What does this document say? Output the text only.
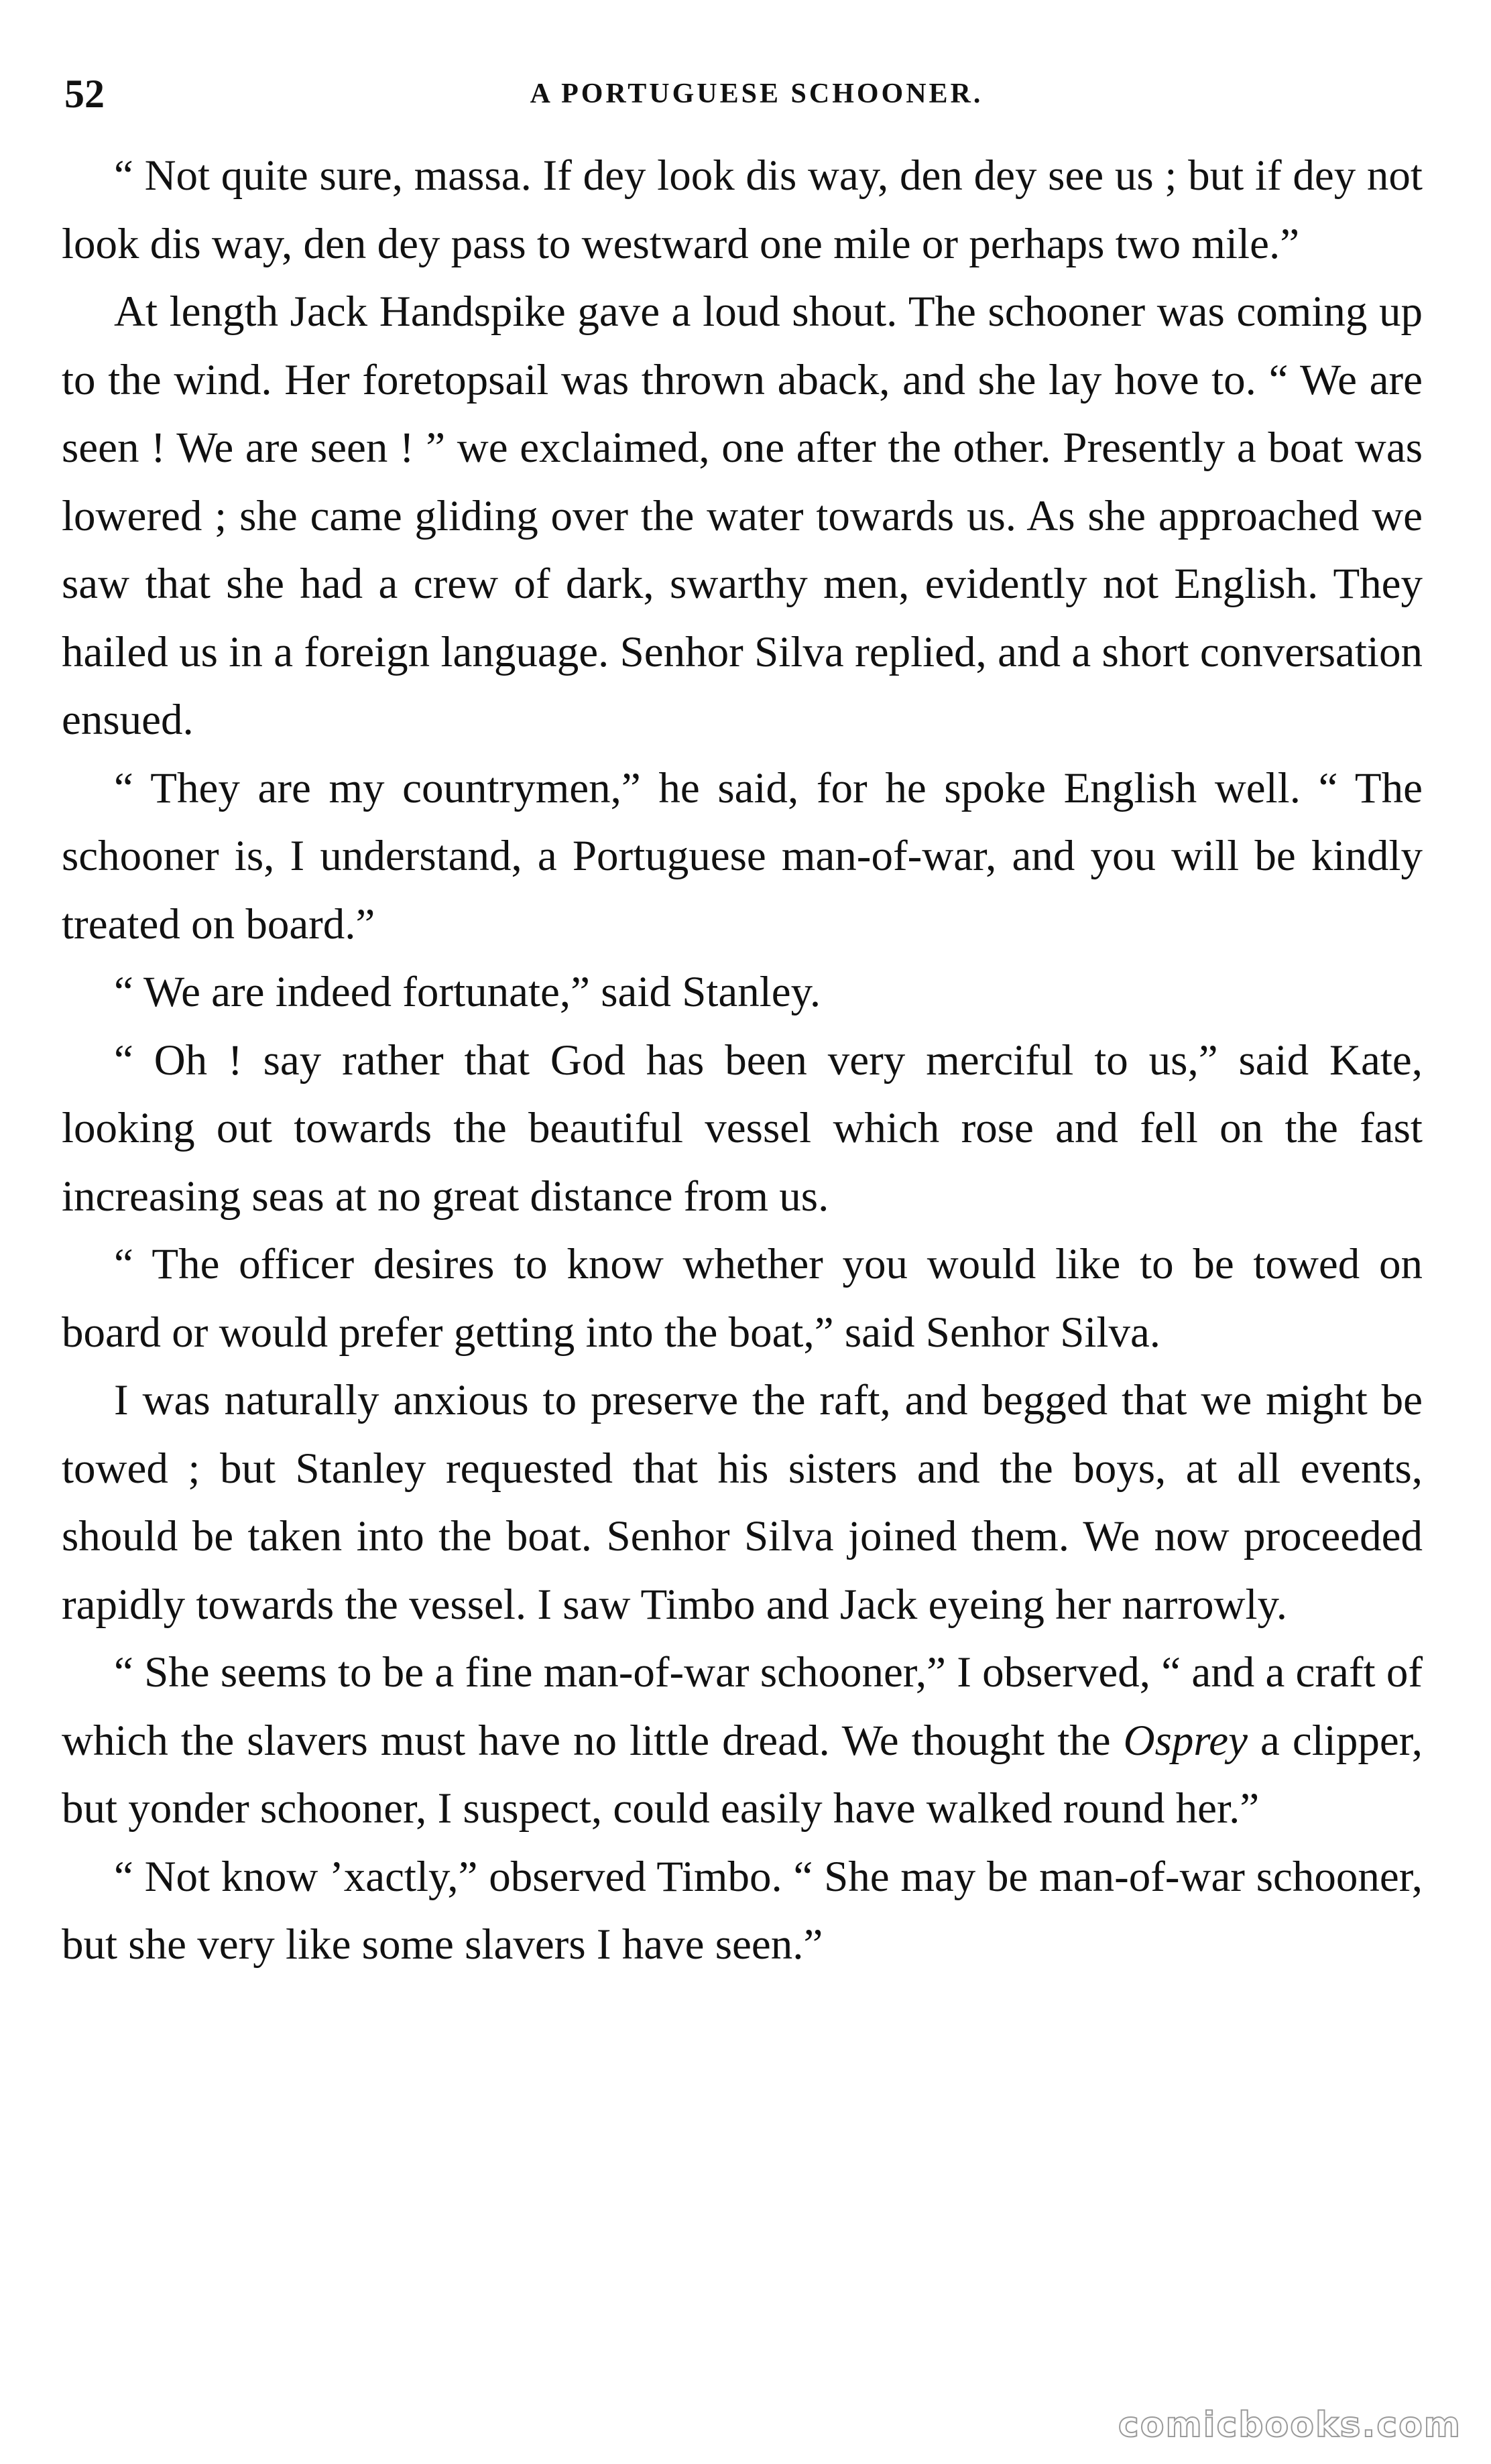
52	A PORTUGUESE SCHOONER.

“ Not quite sure, massa. If dey look dis way, den dey see us ; but if dey not look dis way, den dey pass to westward one mile or perhaps two mile.”

At length Jack Handspike gave a loud shout. The schooner was coming up to the wind. Her foretopsail was thrown aback, and she lay hove to. “ We are seen ! We are seen ! ” we exclaimed, one after the other. Presently a boat was lowered ; she came gliding over the water towards us. As she approached we saw that she had a crew of dark, swarthy men, evidently not English. They hailed us in a foreign language. Senhor Silva replied, and a short conversation ensued.

“ They are my countrymen,” he said, for he spoke English well. “ The schooner is, I understand, a Portuguese man-of-war, and you will be kindly treated on board.”

“ We are indeed fortunate,” said Stanley.

“ Oh ! say rather that God has been very merciful to us,” said Kate, looking out towards the beautiful vessel which rose and fell on the fast increasing seas at no great distance from us.

“ The officer desires to know whether you would like to be towed on board or would prefer getting into the boat,” said Senhor Silva.

I was naturally anxious to preserve the raft, and begged that we might be towed ; but Stanley requested that his sisters and the boys, at all events, should be taken into the boat. Senhor Silva joined them. We now proceeded rapidly towards the vessel. I saw Timbo and Jack eyeing her narrowly.

“ She seems to be a fine man-of-war schooner,” I observed, “ and a craft of which the slavers must have no little dread. We thought the Osprey a clipper, but yonder schooner, I suspect, could easily have walked round her.”

“ Not know ’xactly,” observed Timbo. “ She may be man-of-war schooner, but she very like some slavers I have seen.”

comicbooks.com
